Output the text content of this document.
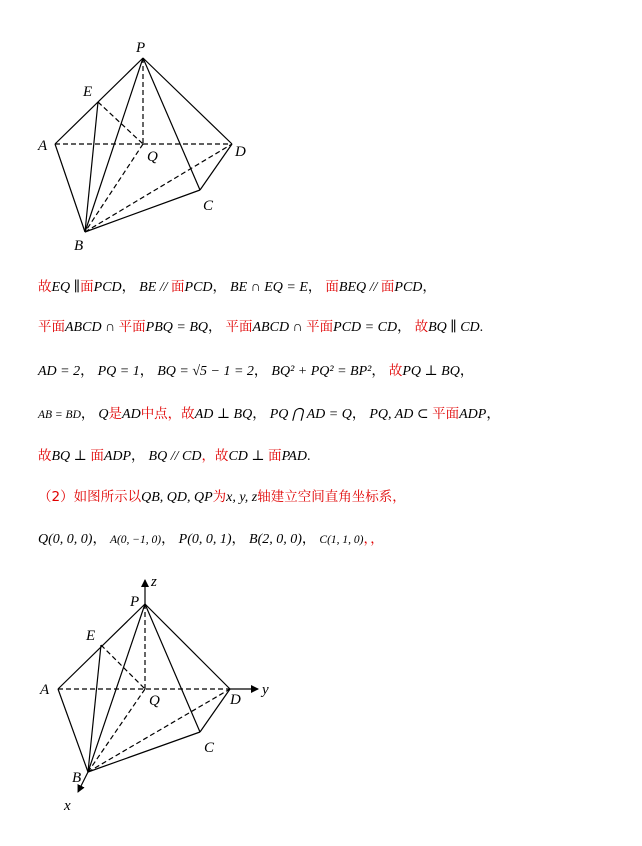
P
E
A
Q	D
C
B
故EQ ∥面PCD， BE // 面PCD， BE ∩ EQ = E， 面BEQ // 面PCD，
平面ABCD ∩ 平面PBQ = BQ， 平面ABCD ∩ 平面PCD = CD， 故BQ ∥ CD.
AD = 2， PQ = 1， BQ = √5 − 1 = 2， BQ² + PQ² = BP²， 故PQ ⊥ BQ，
AB = BD， Q是AD中点，故AD ⊥ BQ， PQ ⋂ AD = Q， PQ, AD ⊂ 平面ADP，
故BQ ⊥ 面ADP， BQ // CD，故CD ⊥ 面PAD.
（2）如图所示以QB, QD, QP为x, y, z轴建立空间直角坐标系，
Q(0, 0, 0)， A(0, −1, 0)， P(0, 0, 1)， B(2, 0, 0)， C(1, 1, 0)，，
z
P
E
A
Q	D
y
C
B
x
